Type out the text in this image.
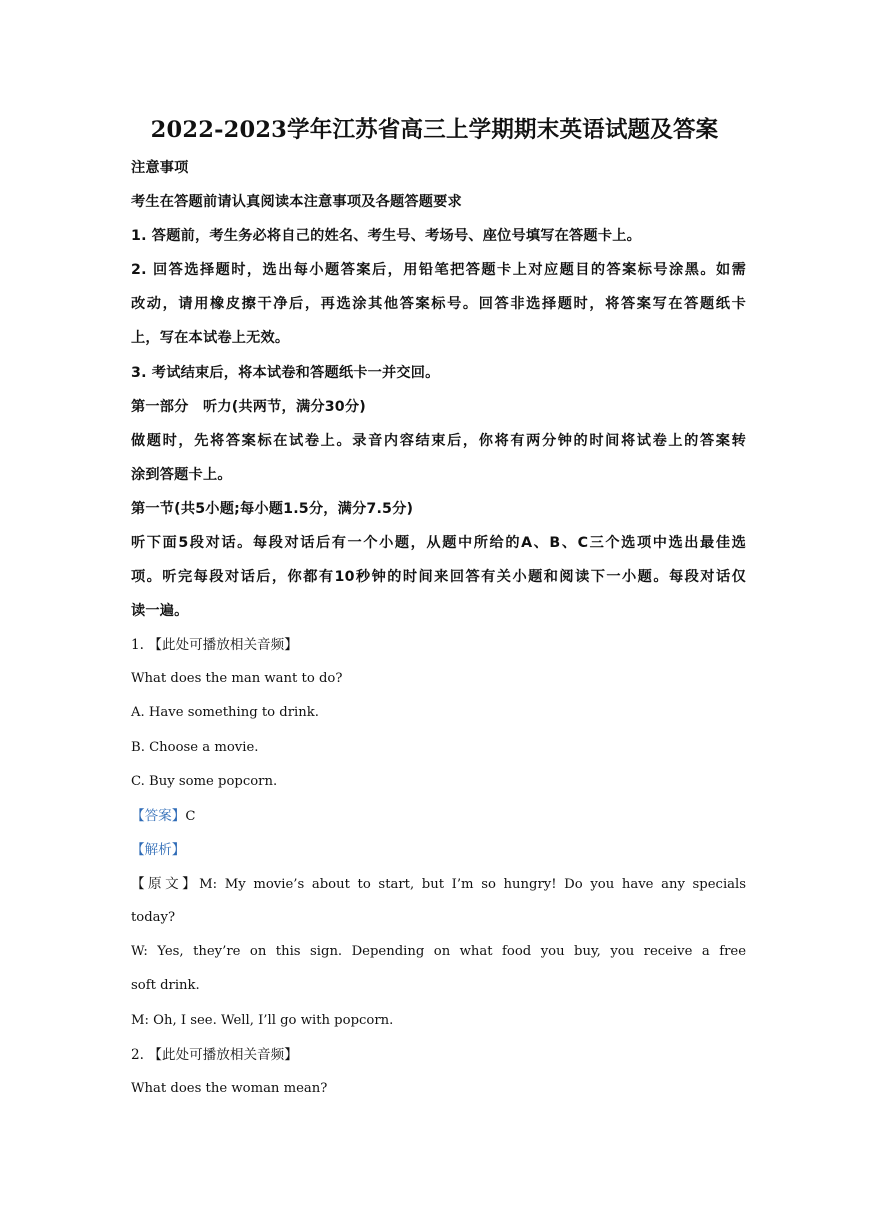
2022-2023学年江苏省高三上学期期末英语试题及答案
注意事项
考生在答题前请认真阅读本注意事项及各题答题要求
1. 答题前，考生务必将自己的姓名、考生号、考场号、座位号填写在答题卡上。
2. 回答选择题时，选出每小题答案后，用铅笔把答题卡上对应题目的答案标号涂黑。如需
改动，请用橡皮擦干净后，再选涂其他答案标号。回答非选择题时，将答案写在答题纸卡
上，写在本试卷上无效。
3. 考试结束后，将本试卷和答题纸卡一并交回。
第一部分　听力(共两节，满分30分)
做题时，先将答案标在试卷上。录音内容结束后，你将有两分钟的时间将试卷上的答案转
涂到答题卡上。
第一节(共5小题;每小题1.5分，满分7.5分)
听下面5段对话。每段对话后有一个小题，从题中所给的A、B、C三个选项中选出最佳选
项。听完每段对话后，你都有10秒钟的时间来回答有关小题和阅读下一小题。每段对话仅
读一遍。
1. 【此处可播放相关音频】
What does the man want to do?
A. Have something to drink.
B. Choose a movie.
C. Buy some popcorn.
【答案】C
【解析】
【原文】M: My movie’s about to start, but I’m so hungry! Do you have any specials
today?
W: Yes, they’re on this sign. Depending on what food you buy, you receive a free
soft drink.
M: Oh, I see. Well, I’ll go with popcorn.
2. 【此处可播放相关音频】
What does the woman mean?
